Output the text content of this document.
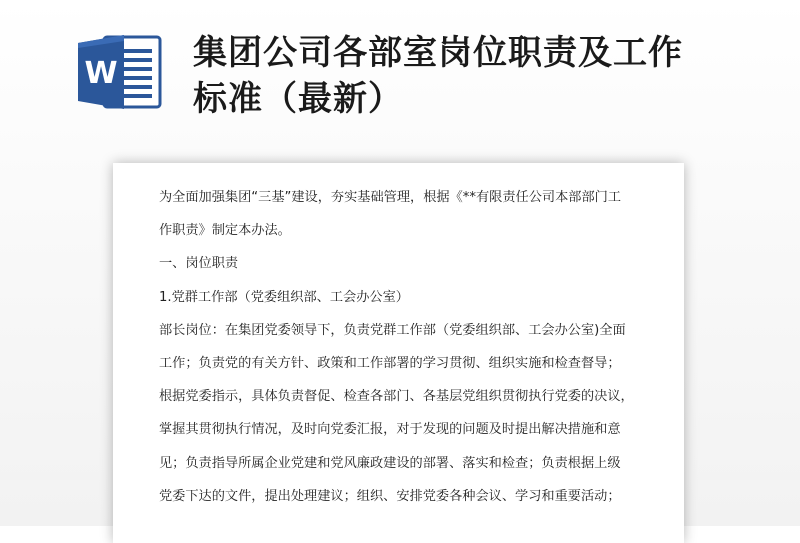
W
集团公司各部室岗位职责及工作
标准（最新）

为全面加强集团“三基”建设，夯实基础管理，根据《**有限责任公司本部部门工

作职责》制定本办法。

一、岗位职责

1.党群工作部（党委组织部、工会办公室）

部长岗位：在集团党委领导下，负责党群工作部（党委组织部、工会办公室)全面

工作；负责党的有关方针、政策和工作部署的学习贯彻、组织实施和检查督导；

根据党委指示，具体负责督促、检查各部门、各基层党组织贯彻执行党委的决议，

掌握其贯彻执行情况，及时向党委汇报，对于发现的问题及时提出解决措施和意

见；负责指导所属企业党建和党风廉政建设的部署、落实和检查；负责根据上级

党委下达的文件，提出处理建议；组织、安排党委各种会议、学习和重要活动；
